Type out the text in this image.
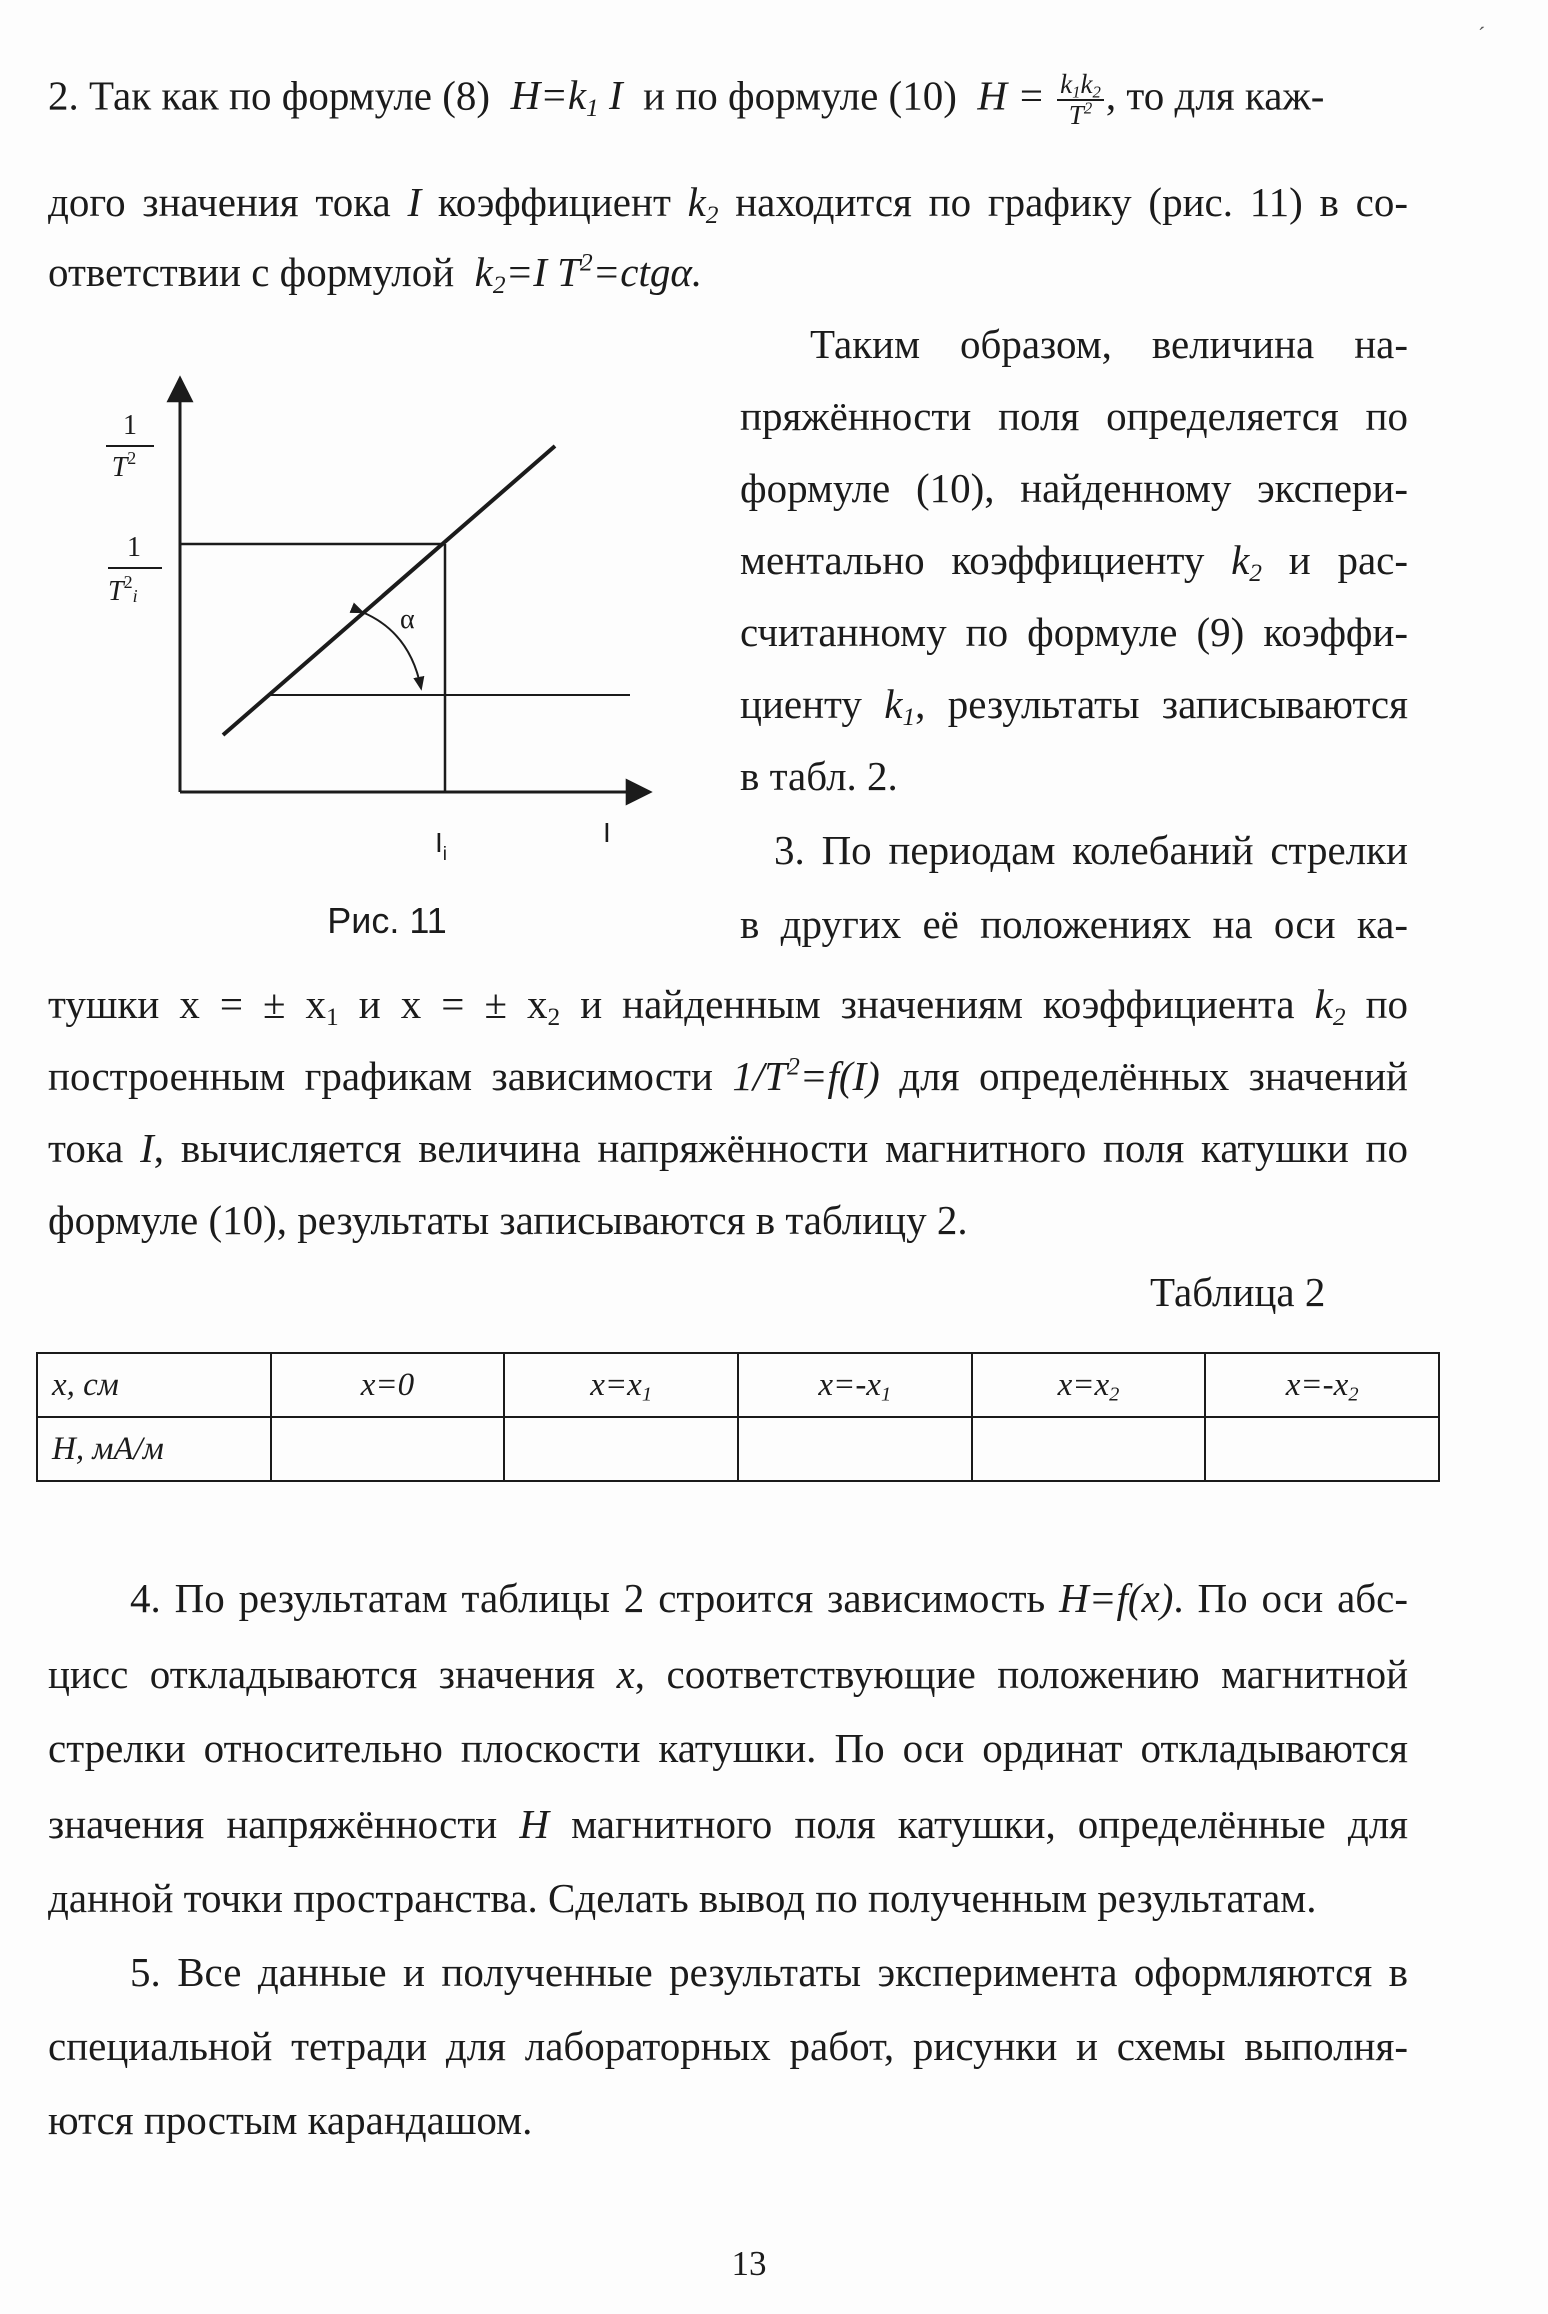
ˊ
2. Так как по формуле (8) $H=k_1$ I и по формуле (10) $H = \frac{k_1k_2}{T^2}$ , то для каж-
дого значения тока I коэффициент $k_2$ находится по графику (рис. 11) в со-
ответствии с формулой $k_2=I$ $T^2=ctg\alpha$.
Таким образом, величина на-
пряжённости поля определяется по
формуле (10), найденному экспери-
ментально коэффициенту $k_2$ и рас-
считанному по формуле (9) коэффи-
циенту $k_1$, результаты записываются
в табл. 2.
3. По периодам колебаний стрелки
в других её положениях на оси ка-
α
1
$T^2$
1
$T^2_i$
$I_i$
I
Рис. 11
тушки x = ± $x_1$ и x = ± $x_2$ и найденным значениям коэффициента $k_2$ по
построенным графикам зависимости $1/T^2=f(I)$ для определённых значений
тока I, вычисляется величина напряжённости магнитного поля катушки по
формуле (10), результаты записываются в таблицу 2.
Таблица 2
x, см	x=0	$x=x_1$	$x=-x_1$	$x=x_2$	$x=-x_2$
H, мА/м					
4. По результатам таблицы 2 строится зависимость H=f(x). По оси абс-
цисс откладываются значения x, соответствующие положению магнитной
стрелки относительно плоскости катушки. По оси ординат откладываются
значения напряжённости H магнитного поля катушки, определённые для
данной точки пространства. Сделать вывод по полученным результатам.
5. Все данные и полученные результаты эксперимента оформляются в
специальной тетради для лабораторных работ, рисунки и схемы выполня-
ются простым карандашом.
13
